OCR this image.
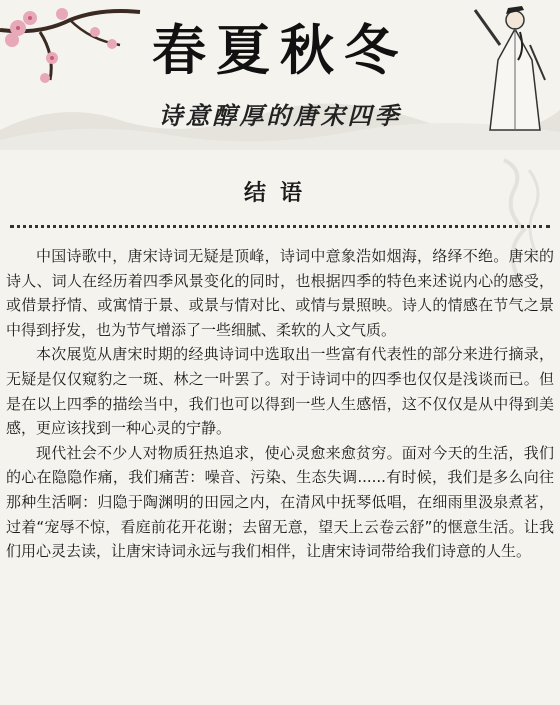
春夏秋冬
诗意醇厚的唐宋四季
结语

中国诗歌中，唐宋诗词无疑是顶峰，诗词中意象浩如烟海，络绎不绝。唐宋的诗人、词人在经历着四季风景变化的同时，也根据四季的特色来述说内心的感受，或借景抒情、或寓情于景、或景与情对比、或情与景照映。诗人的情感在节气之景中得到抒发，也为节气增添了一些细腻、柔软的人文气质。

本次展览从唐宋时期的经典诗词中选取出一些富有代表性的部分来进行摘录，无疑是仅仅窥豹之一斑、林之一叶罢了。对于诗词中的四季也仅仅是浅谈而已。但是在以上四季的描绘当中，我们也可以得到一些人生感悟，这不仅仅是从中得到美感，更应该找到一种心灵的宁静。

现代社会不少人对物质狂热追求，使心灵愈来愈贫穷。面对今天的生活，我们的心在隐隐作痛，我们痛苦：噪音、污染、生态失调......有时候，我们是多么向往那种生活啊：归隐于陶渊明的田园之内，在清风中抚琴低唱，在细雨里汲泉煮茗，过着“宠辱不惊，看庭前花开花谢；去留无意，望天上云卷云舒”的惬意生活。让我们用心灵去读，让唐宋诗词永远与我们相伴，让唐宋诗词带给我们诗意的人生。
